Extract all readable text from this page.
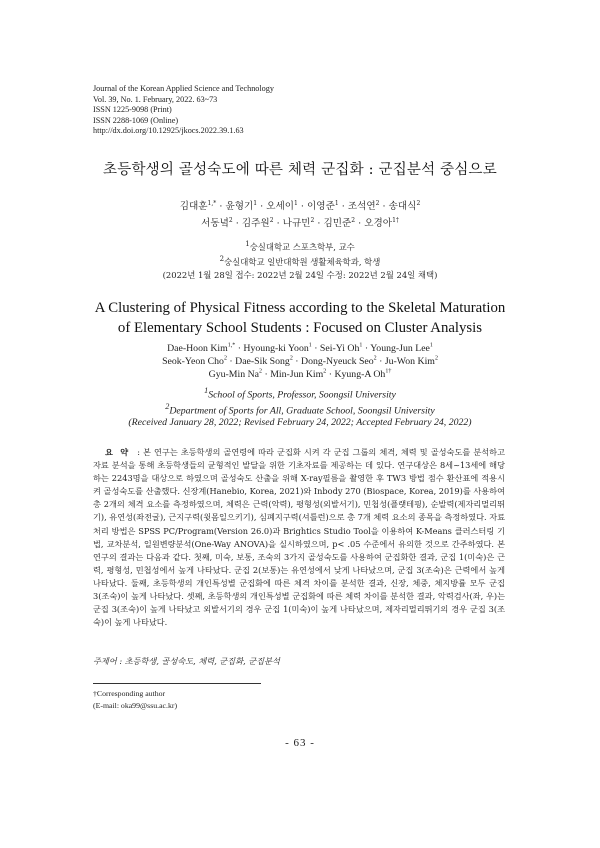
Journal of the Korean Applied Science and Technology
Vol. 39, No. 1. February, 2022. 63~73
ISSN 1225-9098 (Print)
ISSN 2288-1069 (Online)
http://dx.doi.org/10.12925/jkocs.2022.39.1.63
초등학생의 골성숙도에 따른 체력 군집화 : 군집분석 중심으로
김대훈$^{1,*}$ · 윤형기$^1$ · 오세이$^1$ · 이영준$^1$ · 조석연$^2$ · 송대식$^2$
서동녘$^2$ · 김주원$^2$ · 나규민$^2$ · 김민준$^2$ · 오경아$^{1\dagger}$
$^1$숭실대학교 스포츠학부, 교수
$^2$숭실대학교 일반대학원 생활체육학과, 학생
(2022년 1월 28일 접수: 2022년 2월 24일 수정: 2022년 2월 24일 채택)
A Clustering of Physical Fitness according to the Skeletal Maturation
of Elementary School Students : Focused on Cluster Analysis
Dae-Hoon Kim$^{1,*}$ · Hyoung-ki Yoon$^1$ · Sei-Yi $Oh^1$ · Young-Jun Lee$^1$
Seok-Yeon Cho$^2$ · Dae-Sik Song$^2$ · Dong-Nyeuck Seo$^2$ · Ju-Won Kim$^2$
Gyu-Min $Na^2 \cdot Min-Jun$ Kim$^2$ · Kyung-A $Oh^{1\dagger}$
$^1$School of Sports, Professor, Soongsil University
$^2$Department of Sports for All, Graduate School, Soongsil University
(Received January 28, 2022; Revised February 24, 2022; Accepted February 24, 2022)
요 약 : 본 연구는 초등학생의 골연령에 따라 군집화 시켜 각 군집 그룹의 체격, 체력 및 골성숙도를 분석하고 자료 분석을 통해 초등학생들의 균형적인 발달을 위한 기초자료를 제공하는 데 있다. 연구대상은 8세~13세에 해당하는 2243명을 대상으로 하였으며 골성숙도 산출을 위해 X-ray필름을 촬영한 후 TW3 방법 점수 환산표에 적용시켜 골성숙도를 산출했다. 신장계(Hanebio, Korea, 2021)와 Inbody 270 (Biospace, Korea, 2019)를 사용하여 총 2개의 체격 요소를 측정하였으며, 체력은 근력(악력), 평형성(외발서기), 민첩성(플랫테핑), 순발력(제자리멀리뛰기), 유연성(좌전굴), 근지구력(윗몸일으키기), 심폐지구력(셔틀런)으로 총 7개 체력 요소의 종목을 측정하였다. 자료처리 방법은 SPSS PC/Program(Version 26.0)과 Brightics Studio Tool을 이용하여 K-Means 클러스터링 기법, 교차분석, 일원변량분석(One-Way ANOVA)을 실시하였으며, p< .05 수준에서 유의한 것으로 간주하였다. 본 연구의 결과는 다음과 같다. 첫째, 미숙, 보통, 조숙의 3가지 골성숙도를 사용하여 군집화한 결과, 군집 1(미숙)은 근력, 평형성, 민첩성에서 높게 나타났다. 군집 2(보통)는 유연성에서 낮게 나타났으며, 군집 3(조숙)은 근력에서 높게 나타났다. 둘째, 초등학생의 개인특성별 군집화에 따른 체격 차이를 분석한 결과, 신장, 체중, 체지방률 모두 군집 3(조숙)이 높게 나타났다. 셋째, 초등학생의 개인특성별 군집화에 따른 체력 차이를 분석한 결과, 악력검사(좌, 우)는 군집 3(조숙)이 높게 나타났고 외발서기의 경우 군집 1(미숙)이 높게 나타났으며, 제자리멀리뛰기의 경우 군집 3(조숙)이 높게 나타났다.
주제어 : 초등학생, 골성숙도, 체력, 군집화, 군집분석
†Corresponding author
(E-mail: oka99@ssu.ac.kr)
- 63 -
